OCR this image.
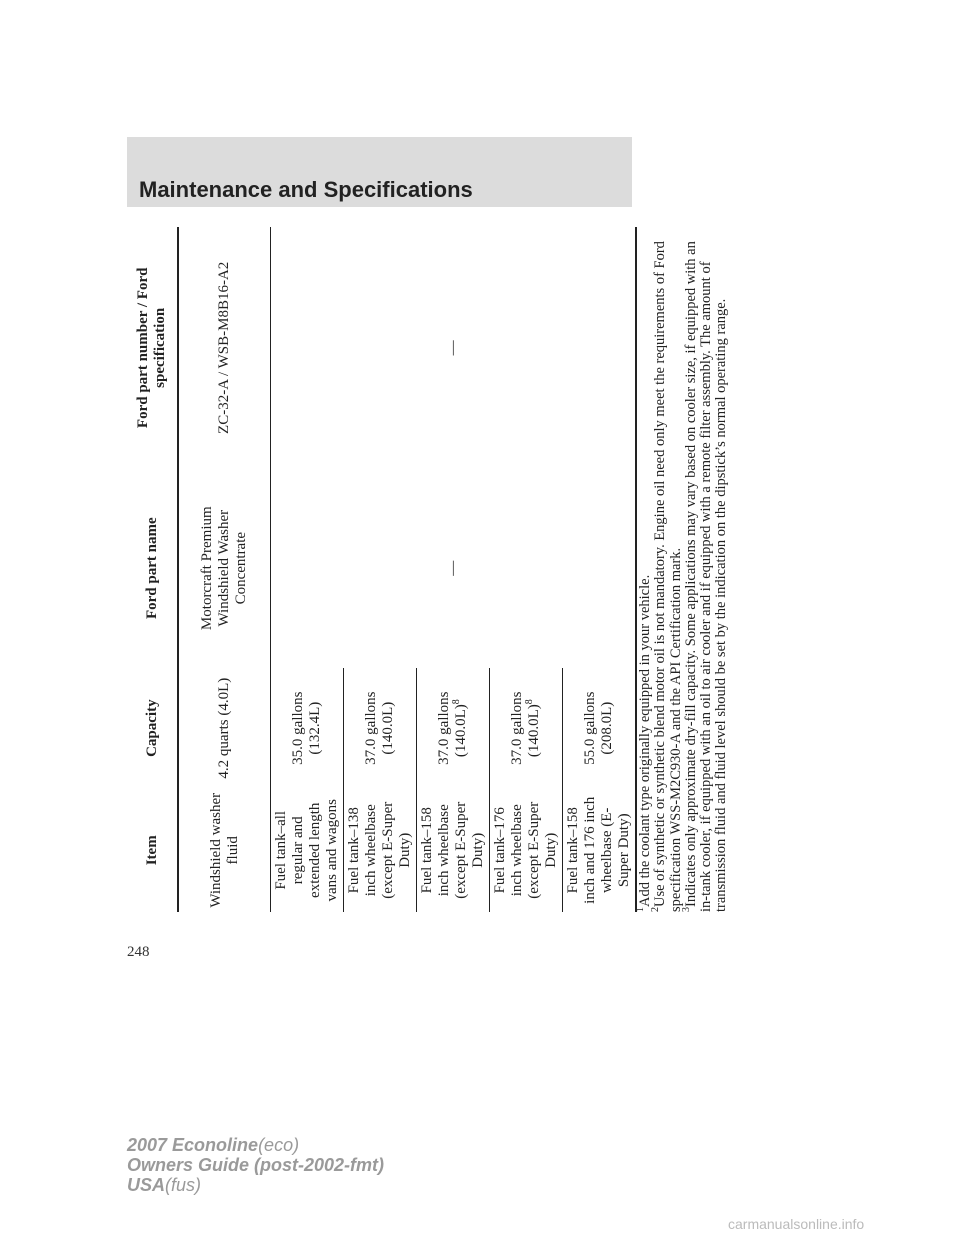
Maintenance and Specifications
Item	Capacity	Ford part name	Ford part number / Ford specification
Windshield washer fluid	4.2 quarts (4.0L)	Motorcraft Premium Windshield Washer Concentrate	ZC-32-A / WSB-M8B16-A2
Fuel tank–all regular and extended length vans and wagons	35.0 gallons (132.4L)	—	—
Fuel tank–138 inch wheelbase (except E-Super Duty)	37.0 gallons (140.0L)		
Fuel tank–158 inch wheelbase (except E-Super Duty)	37.0 gallons $(140.0L)^8$
Fuel tank–176 inch wheelbase (except E-Super Duty)	37.0 gallons $(140.0L)^8$
Fuel tank–158 inch and 176 inch wheelbase (E-Super Duty)	55.0 gallons (208.0L)		

$^1$Add the coolant type originally equipped in your vehicle.

$^2$Use of synthetic or synthetic blend motor oil is not mandatory. Engine oil need only meet the requirements of Ford specification WSS-M2C930-A and the API Certification mark.

$^3$Indicates only approximate dry-fill capacity. Some applications may vary based on cooler size, if equipped with an in-tank cooler, if equipped with an oil to air cooler and if equipped with a remote filter assembly. The amount of transmission fluid and fluid level should be set by the indication on the dipstick’s normal operating range.

248
2007 Econoline(eco)
Owners Guide (post-2002-fmt)
USA(fus)
carmanualsonline.info
